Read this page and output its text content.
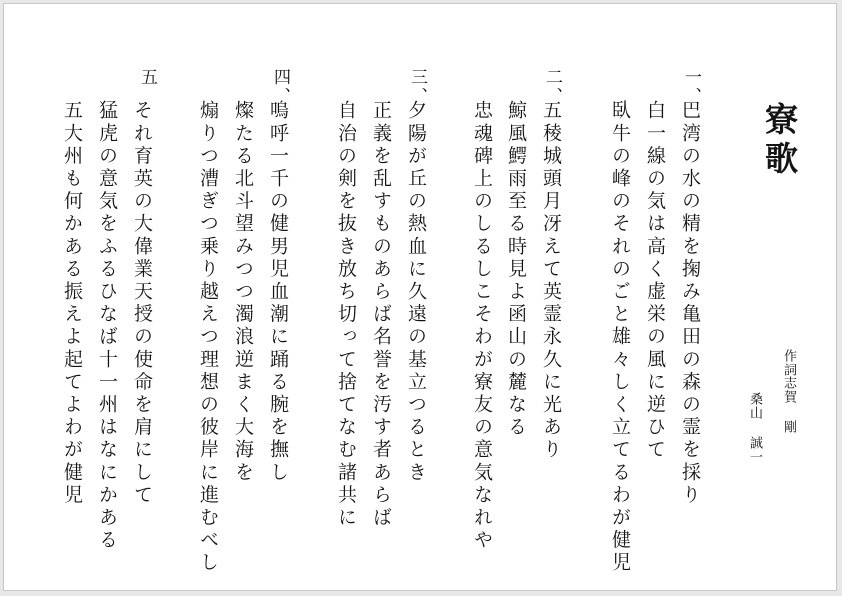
寮歌
作詞
志賀 剛
桑山 誠一
一、
巴湾の水の精を掬み亀田の森の霊を採り
白一線の気は高く虚栄の風に逆ひて
臥牛の峰のそれのごと雄々しく立てるわが健児
二、
五稜城頭月冴えて英霊永久に光あり
鯨風鰐雨至る時見よ函山の麓なる
忠魂碑上のしるしこそわが寮友の意気なれや
三、
夕陽が丘の熱血に久遠の基立つるとき
正義を乱すものあらば名誉を汚す者あらば
自治の剣を抜き放ち切って捨てなむ諸共に
四、
嗚呼一千の健男児血潮に踊る腕を撫し
燦たる北斗望みつつ濁浪逆まく大海を
煽りつ漕ぎつ乗り越えつ理想の彼岸に進むべし
五
それ育英の大偉業天授の使命を肩にして
猛虎の意気をふるひなば十一州はなにかある
五大州も何かある振えよ起てよわが健児
